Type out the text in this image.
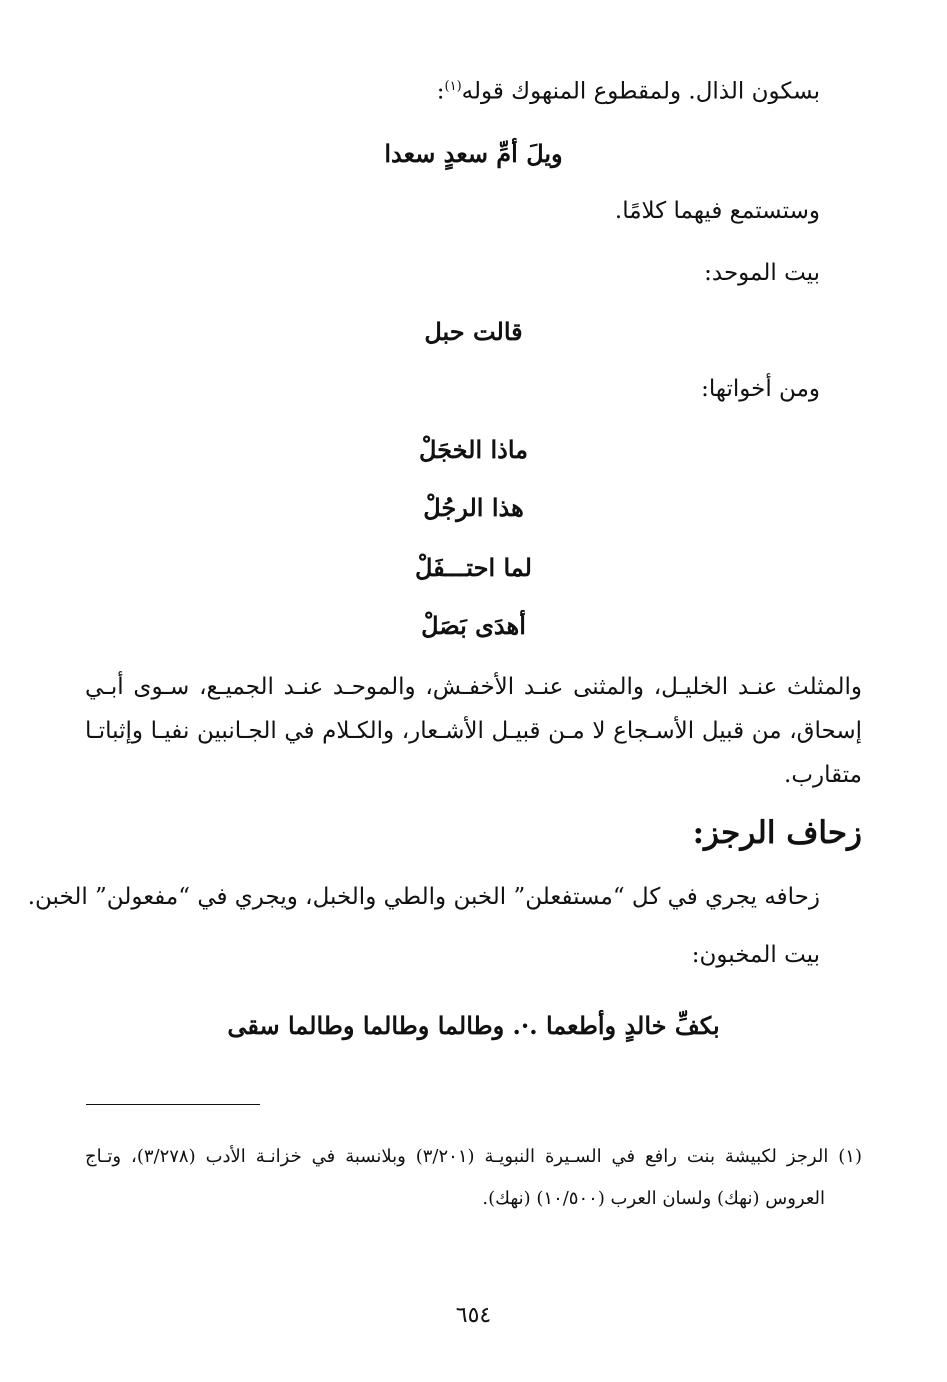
بسكون الذال. ولمقطوع المنهوك قوله$^{(١)}$:
ويلَ أمِّ سعدٍ سعدا
وستستمع فيهما كلامًا.
بيت الموحد:
قالت حبل
ومن أخواتها:
ماذا الخجَلْ
هذا الرجُلْ
لما احتـــفَلْ
أهدَى بَصَلْ
والمثلث عنـد الخليـل، والمثنى عنـد الأخفـش، والموحـد عنـد الجميـع، سـوى أبـي
إسحاق، من قبيل الأسـجاع لا مـن قبيـل الأشـعار، والكـلام في الجـانبين نفيـا وإثباتـا
متقارب.
زحاف الرجز:
زحافه يجري في كل “مستفعلن” الخبن والطي والخبل، ويجري في “مفعولن” الخبن.
بيت المخبون:
بكفِّ خالدٍ وأطعما .·. وطالما وطالما وطالما سقى
(١) الرجز لكبيشة بنت رافع في السـيرة النبويـة (٣/٢٠١) وبلانسبة في خزانـة الأدب (٣/٢٧٨)، وتـاج
العروس (نهك) ولسان العرب (١٠/٥٠٠) (نهك).
٦٥٤
